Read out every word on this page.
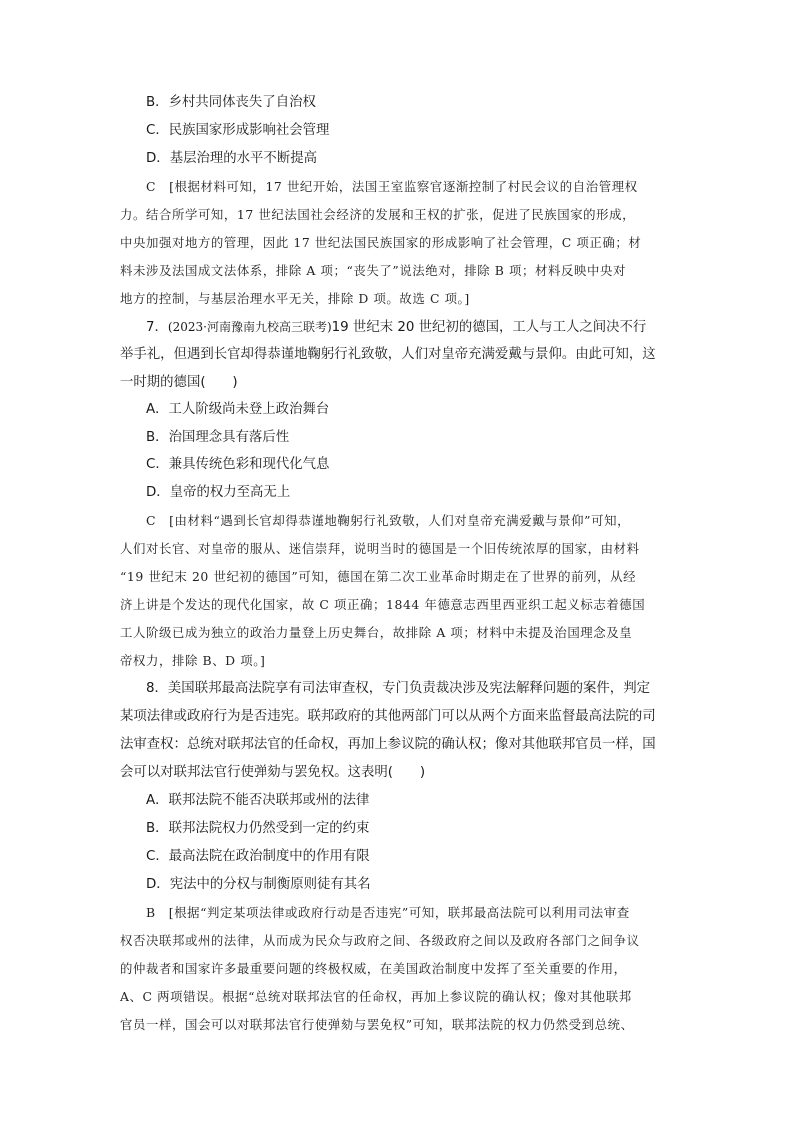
B．乡村共同体丧失了自治权
C．民族国家形成影响社会管理
D．基层治理的水平不断提高
C　[根据材料可知，17 世纪开始，法国王室监察官逐渐控制了村民会议的自治管理权
力。结合所学可知，17 世纪法国社会经济的发展和王权的扩张，促进了民族国家的形成，
中央加强对地方的管理，因此 17 世纪法国民族国家的形成影响了社会管理，C 项正确；材
料未涉及法国成文法体系，排除 A 项；“丧失了”说法绝对，排除 B 项；材料反映中央对
地方的控制，与基层治理水平无关，排除 D 项。故选 C 项。]
7．(2023·河南豫南九校高三联考)19 世纪末 20 世纪初的德国，工人与工人之间决不行
举手礼，但遇到长官却得恭谨地鞠躬行礼致敬，人们对皇帝充满爱戴与景仰。由此可知，这
一时期的德国(　　)
A．工人阶级尚未登上政治舞台
B．治国理念具有落后性
C．兼具传统色彩和现代化气息
D．皇帝的权力至高无上
C　[由材料“遇到长官却得恭谨地鞠躬行礼致敬，人们对皇帝充满爱戴与景仰”可知，
人们对长官、对皇帝的服从、迷信崇拜，说明当时的德国是一个旧传统浓厚的国家，由材料
“19 世纪末 20 世纪初的德国”可知，德国在第二次工业革命时期走在了世界的前列，从经
济上讲是个发达的现代化国家，故 C 项正确；1844 年德意志西里西亚织工起义标志着德国
工人阶级已成为独立的政治力量登上历史舞台，故排除 A 项；材料中未提及治国理念及皇
帝权力，排除 B、D 项。]
8．美国联邦最高法院享有司法审查权，专门负责裁决涉及宪法解释问题的案件，判定
某项法律或政府行为是否违宪。联邦政府的其他两部门可以从两个方面来监督最高法院的司
法审查权：总统对联邦法官的任命权，再加上参议院的确认权；像对其他联邦官员一样，国
会可以对联邦法官行使弹劾与罢免权。这表明(　　)
A．联邦法院不能否决联邦或州的法律
B．联邦法院权力仍然受到一定的约束
C．最高法院在政治制度中的作用有限
D．宪法中的分权与制衡原则徒有其名
B　[根据“判定某项法律或政府行动是否违宪”可知，联邦最高法院可以利用司法审查
权否决联邦或州的法律，从而成为民众与政府之间、各级政府之间以及政府各部门之间争议
的仲裁者和国家许多最重要问题的终极权威，在美国政治制度中发挥了至关重要的作用，
A、C 两项错误。根据“总统对联邦法官的任命权，再加上参议院的确认权；像对其他联邦
官员一样，国会可以对联邦法官行使弹劾与罢免权”可知，联邦法院的权力仍然受到总统、
